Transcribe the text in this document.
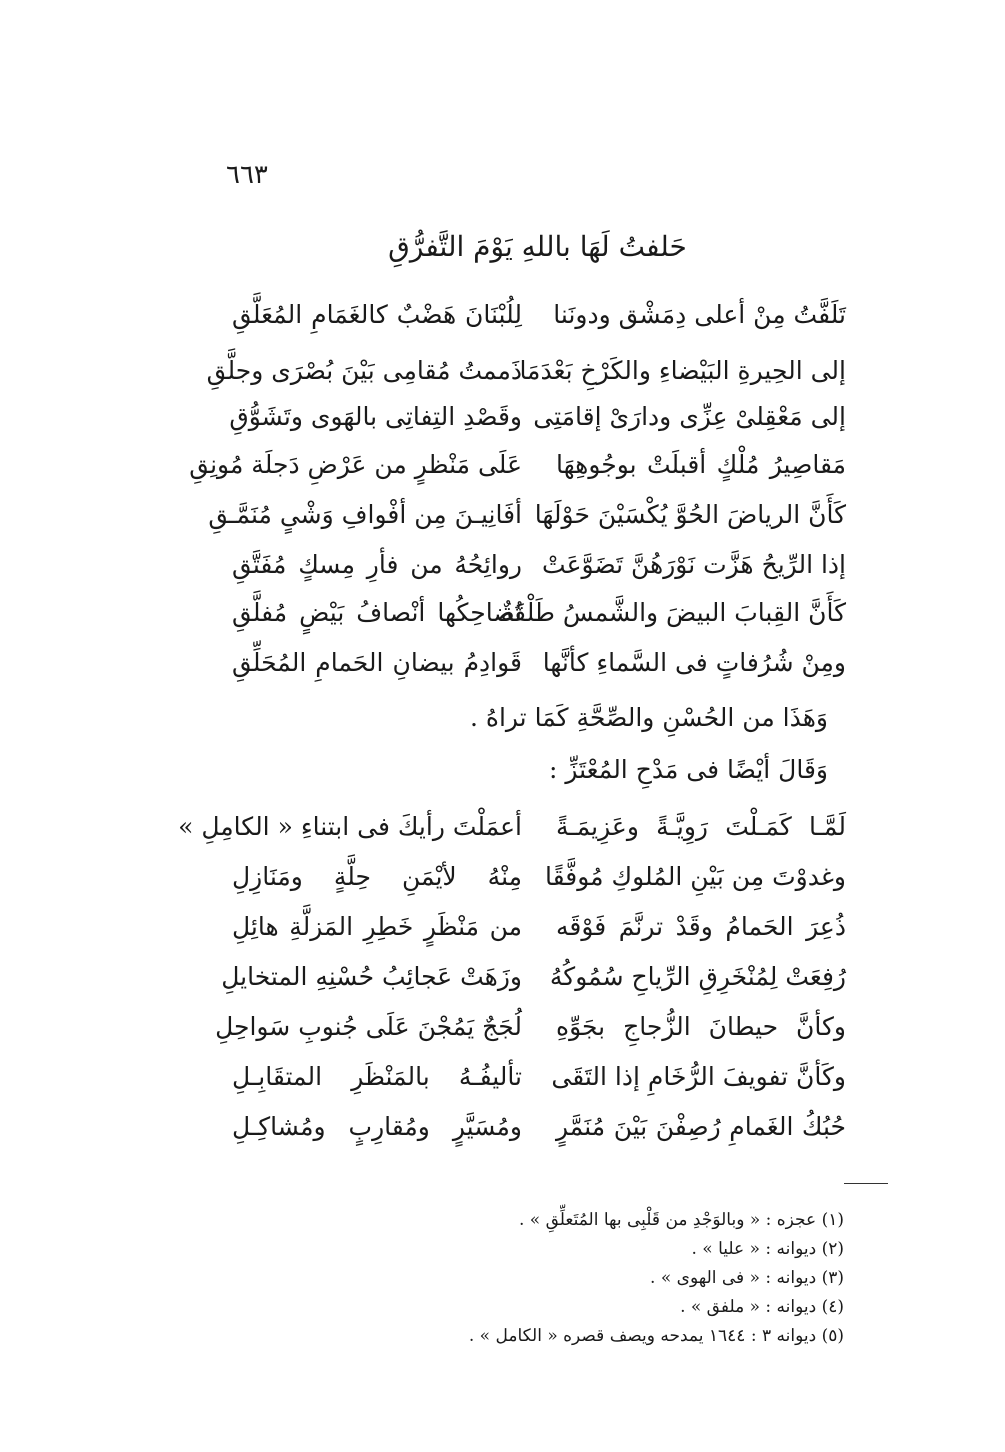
٦٦٣
حَلفتُ لَهَا باللهِ يَوْمَ التَّفرُّقِ
تَلَفَّتُ مِنْ أعلى دِمَشْق ودونَنا
لِلُبْنَانَ هَضْبٌ كالغَمَامِ المُعَلَّقِ
إلى الحِيرةِ البَيْضاءِ والكَرْخِ بَعْدَمَا
ذَممتُ مُقامِى بَيْنَ بُصْرَى وجلَّقِ
إلى مَعْقِلىْ عِزِّى ودارَىْ إقامَتِى
وقَصْدِ التِفاتِى بالهَوى وتَشَوُّقِ
مَقاصِيرُ مُلْكٍ أقبلَتْ بوجُوهِهَا
عَلَى مَنْظرٍ من عَرْضِ دَجلَة مُونِقِ
كَأَنَّ الرياضَ الحُوَّ يُكْسَيْنَ حَوْلَهَا
أفَانِيـنَ مِن أفْوافِ وَشْىٍ مُنَمَّـقِ
إذا الرِّيحُ هَزَّت نَوْرَهُنَّ تَضَوَّعَتْ
روائِحُهُ من فأرِ مِسكٍ مُفَتَّقِ
كَأَنَّ القِبابَ البيضَ والشَّمسُ طَلْقَةٌ
تُضاحِكُها أنْصافُ بَيْضٍ مُفلَّقِ
ومِنْ شُرُفاتٍ فى السَّماءِ كأنَّها
قَوادِمُ بيضانِ الحَمامِ المُحَلِّقِ
وَهَذَا من الحُسْنِ والصِّحَّةِ كَمَا تراهُ .
وَقَالَ أيْضًا فى مَدْحِ المُعْتَزِّ :
لَمَّـا كَمَـلْتَ رَوِيَّـةً وعَزِيمَـةً
أعمَلْتَ رأيكَ فى ابتناءِ « الكامِلِ »
وغدوْتَ مِن بَيْنِ المُلوكِ مُوفَّقًا
مِنْهُ لأيْمَنِ حِلَّةٍ ومَنَازِلِ
ذُعِرَ الحَمامُ وقَدْ ترنَّمَ فَوْقَه
من مَنْظَرٍ خَطِرِ المَزلَّةِ هائِلِ
رُفِعَتْ لِمُنْخَرِقِ الرِّياحِ سُمُوكُهُ
وزَهَتْ عَجائِبُ حُسْنِهِ المتخايلِ
وكأنَّ حيطانَ الزُّجاجِ بجَوِّهِ
لُجَجٌ يَمُجْنَ عَلَى جُنوبِ سَواحِلِ
وكَأنَّ تفويفَ الرُّخَامِ إذا التَقَى
تأليفُـهُ بالمَنْظَرِ المتقَابِـلِ
حُبُكُ الغَمامِ رُصِفْنَ بَيْنَ مُنَمَّرٍ
ومُسَيَّرٍ ومُقارِبٍ ومُشاكِـلِ
(١) عجزه : « وبالوَجْدِ من قَلْبِى بها المُتَعلِّقِ » .
(٢) ديوانه : « عليا » .
(٣) ديوانه : « فى الهوى » .
(٤) ديوانه : « ملفق » .
(٥) ديوانه ٣ : ١٦٤٤ يمدحه ويصف قصره « الكامل » .
